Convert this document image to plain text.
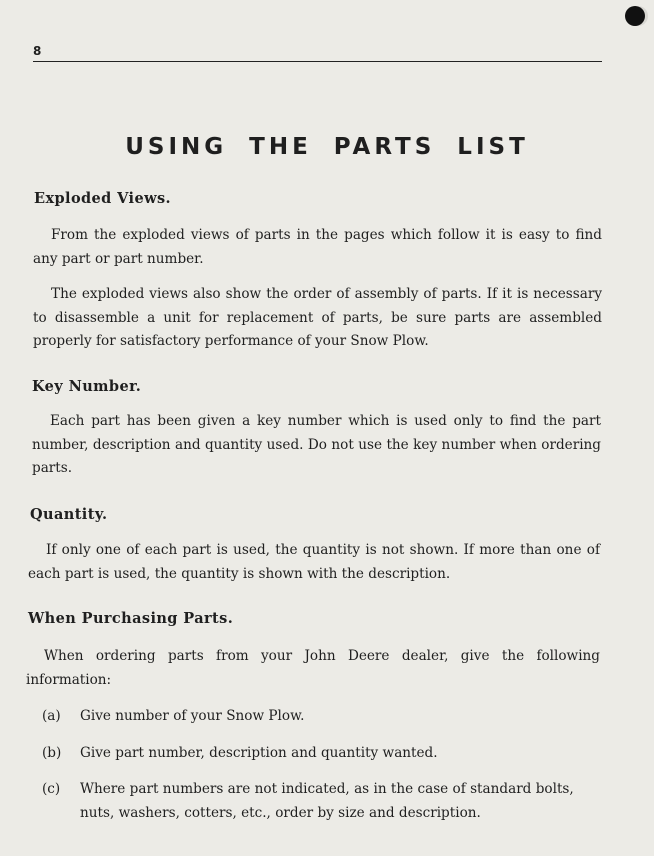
8
USING THE PARTS LIST
Exploded Views.

From the exploded views of parts in the pages which follow it is easy to find any part or part number.

The exploded views also show the order of assembly of parts. If it is necessary to disassemble a unit for replacement of parts, be sure parts are assembled properly for satisfactory performance of your Snow Plow.

Key Number.

Each part has been given a key number which is used only to find the part number, description and quantity used. Do not use the key number when ordering parts.

Quantity.

If only one of each part is used, the quantity is not shown. If more than one of each part is used, the quantity is shown with the description.

When Purchasing Parts.

When ordering parts from your John Deere dealer, give the following information:

(a) Give number of your Snow Plow.
(b) Give part number, description and quantity wanted.
(c) Where part numbers are not indicated, as in the case of standard bolts, nuts, washers, cotters, etc., order by size and description.
